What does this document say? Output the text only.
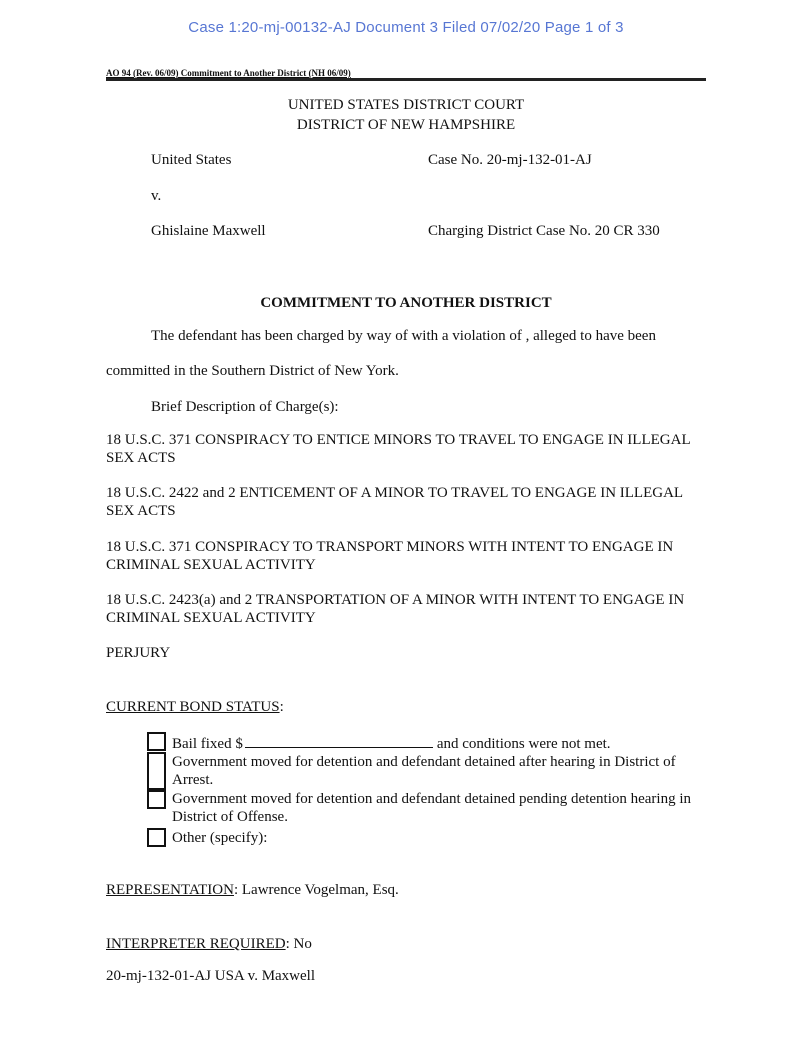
Case 1:20-mj-00132-AJ Document 3 Filed 07/02/20 Page 1 of 3
AO 94 (Rev. 06/09) Commitment to Another District (NH 06/09)
UNITED STATES DISTRICT COURT
DISTRICT OF NEW HAMPSHIRE
United States	Case No. 20-mj-132-01-AJ
v.
Ghislaine Maxwell	Charging District Case No. 20 CR 330
COMMITMENT TO ANOTHER DISTRICT
The defendant has been charged by way of with a violation of , alleged to have been
committed in the Southern District of New York.
Brief Description of Charge(s):
18 U.S.C. 371 CONSPIRACY TO ENTICE MINORS TO TRAVEL TO ENGAGE IN ILLEGAL SEX ACTS
18 U.S.C. 2422 and 2 ENTICEMENT OF A MINOR TO TRAVEL TO ENGAGE IN ILLEGAL SEX ACTS
18 U.S.C. 371 CONSPIRACY TO TRANSPORT MINORS WITH INTENT TO ENGAGE IN CRIMINAL SEXUAL ACTIVITY
18 U.S.C. 2423(a) and 2 TRANSPORTATION OF A MINOR WITH INTENT TO ENGAGE IN CRIMINAL SEXUAL ACTIVITY
PERJURY
CURRENT BOND STATUS:
Bail fixed $	and conditions were not met.
Government moved for detention and defendant detained after hearing in District of Arrest.
Government moved for detention and defendant detained pending detention hearing in District of Offense.
Other (specify):
REPRESENTATION: Lawrence Vogelman, Esq.
INTERPRETER REQUIRED: No
20-mj-132-01-AJ USA v. Maxwell
